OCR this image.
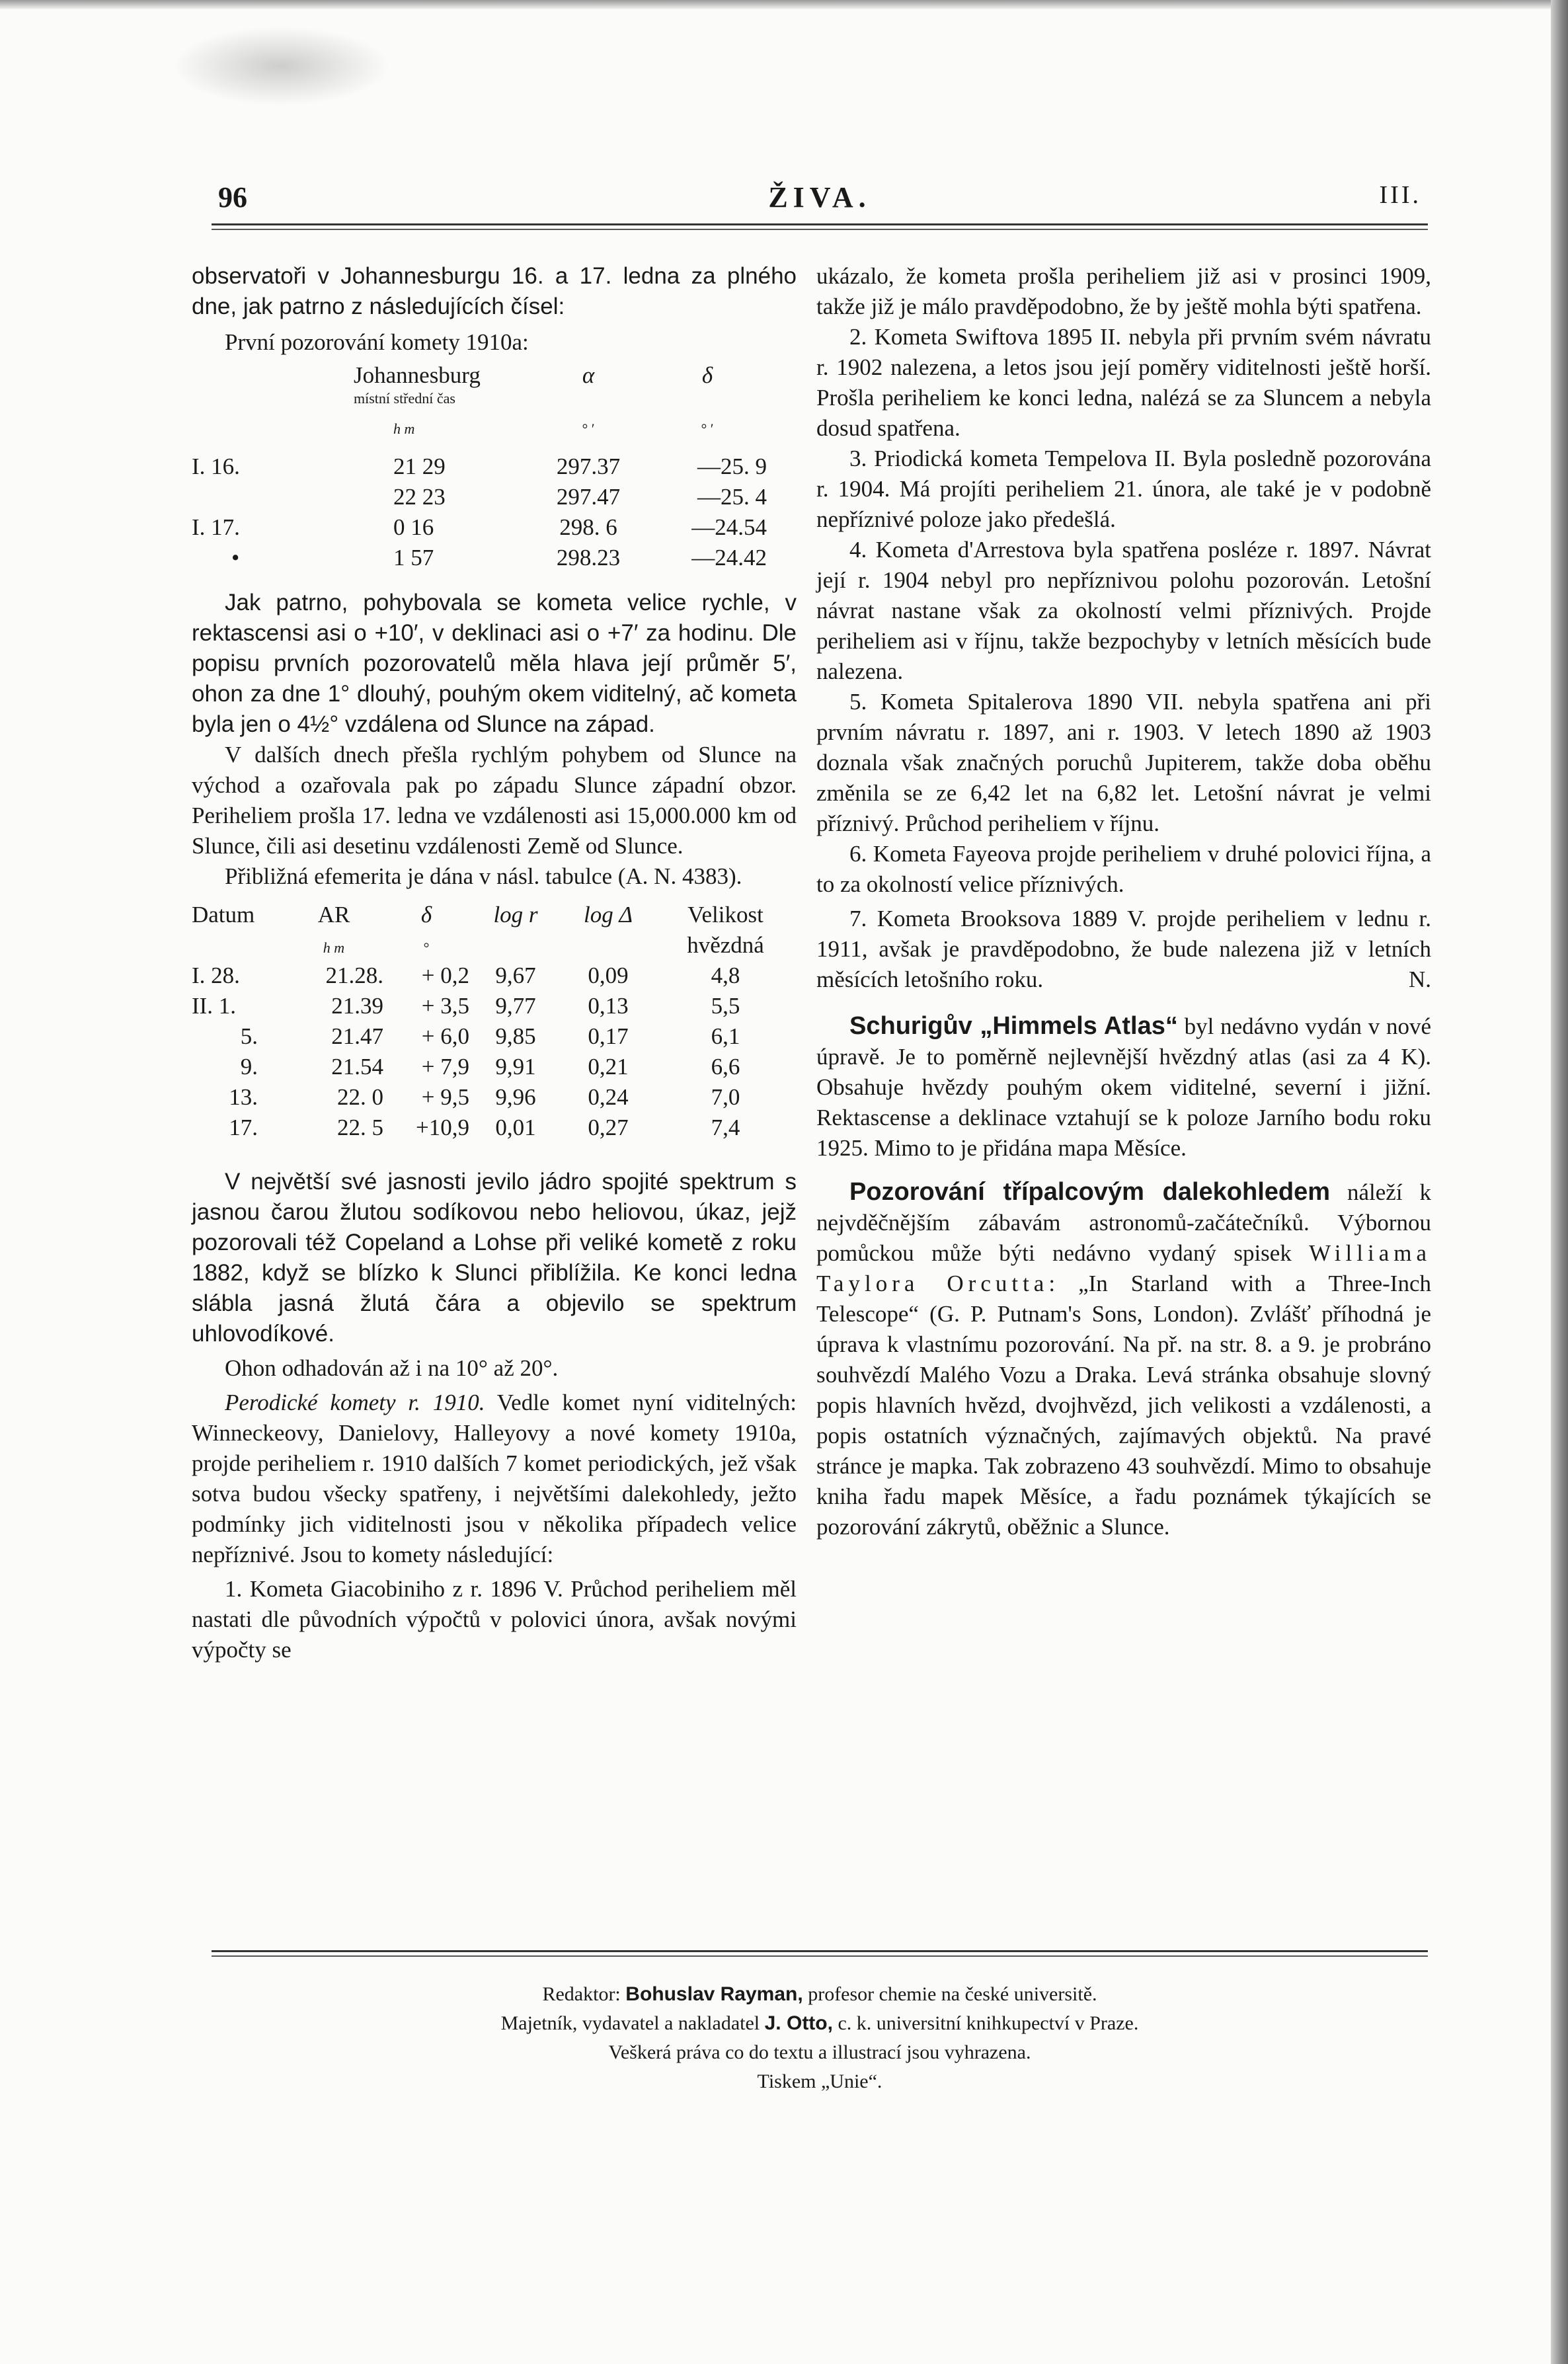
96	ŽIVA.	III.

observatoři v Johannesburgu 16. a 17. ledna za plného dne, jak patrno z následujících čísel:

První pozorování komety 1910a:

	Johannesburg	α	δ
	místní střední čas		
	h m	° ′	° ′
I. 16.	21 29	297.37	—25. 9
	22 23	297.47	—25. 4
I. 17.	0 16	298. 6	—24.54
•	1 57	298.23	—24.42

Jak patrno, pohybovala se kometa velice rychle, v rektascensi asi o +10′, v deklinaci asi o +7′ za hodinu. Dle popisu prvních pozorovatelů měla hlava její průměr 5′, ohon za dne 1° dlouhý, pouhým okem viditelný, ač kometa byla jen o 4½° vzdálena od Slunce na západ.

V dalších dnech přešla rychlým pohybem od Slunce na východ a ozařovala pak po západu Slunce západní obzor. Periheliem prošla 17. ledna ve vzdálenosti asi 15,000.000 km od Slunce, čili asi desetinu vzdálenosti Země od Slunce.

Přibližná efemerita je dána v násl. tabulce (A. N. 4383).

Datum	AR	δ	log r	log Δ	Velikost
	h m	°			hvězdná
I. 28.	21.28.	+ 0,2	9,67	0,09	4,8
II. 1.	21.39	+ 3,5	9,77	0,13	5,5
5.	21.47	+ 6,0	9,85	0,17	6,1
9.	21.54	+ 7,9	9,91	0,21	6,6
13.	22. 0	+ 9,5	9,96	0,24	7,0
17.	22. 5	+10,9	0,01	0,27	7,4

V největší své jasnosti jevilo jádro spojité spektrum s jasnou čarou žlutou sodíkovou nebo heliovou, úkaz, jejž pozorovali též Copeland a Lohse při veliké kometě z roku 1882, když se blízko k Slunci přiblížila. Ke konci ledna slábla jasná žlutá čára a objevilo se spektrum uhlovodíkové.

Ohon odhadován až i na 10° až 20°.

Perodické komety r. 1910. Vedle komet nyní viditelných: Winneckeovy, Danielovy, Halleyovy a nové komety 1910a, projde periheliem r. 1910 dalších 7 komet periodických, jež však sotva budou všecky spatřeny, i největšími dalekohledy, ježto podmínky jich viditelnosti jsou v několika případech velice nepříznivé. Jsou to komety následující:

1. Kometa Giacobiniho z r. 1896 V. Průchod periheliem měl nastati dle původních výpočtů v polovici února, avšak novými výpočty se

ukázalo, že kometa prošla periheliem již asi v prosinci 1909, takže již je málo pravděpodobno, že by ještě mohla býti spatřena.

2. Kometa Swiftova 1895 II. nebyla při prvním svém návratu r. 1902 nalezena, a letos jsou její poměry viditelnosti ještě horší. Prošla periheliem ke konci ledna, nalézá se za Sluncem a nebyla dosud spatřena.

3. Priodická kometa Tempelova II. Byla posledně pozorována r. 1904. Má projíti periheliem 21. února, ale také je v podobně nepříznivé poloze jako předešlá.

4. Kometa d'Arrestova byla spatřena posléze r. 1897. Návrat její r. 1904 nebyl pro nepříznivou polohu pozorován. Letošní návrat nastane však za okolností velmi příznivých. Projde periheliem asi v říjnu, takže bezpochyby v letních měsících bude nalezena.

5. Kometa Spitalerova 1890 VII. nebyla spatřena ani při prvním návratu r. 1897, ani r. 1903. V letech 1890 až 1903 doznala však značných poruchů Jupiterem, takže doba oběhu změnila se ze 6,42 let na 6,82 let. Letošní návrat je velmi příznivý. Průchod periheliem v říjnu.

6. Kometa Fayeova projde periheliem v druhé polovici října, a to za okolností velice příznivých.

7. Kometa Brooksova 1889 V. projde periheliem v lednu r. 1911, avšak je pravděpodobno, že bude nalezena již v letních měsících letošního roku.	N.

Schurigův „Himmels Atlas“ byl nedávno vydán v nové úpravě. Je to poměrně nejlevnější hvězdný atlas (asi za 4 K). Obsahuje hvězdy pouhým okem viditelné, severní i jižní. Rektascense a deklinace vztahují se k poloze Jarního bodu roku 1925. Mimo to je přidána mapa Měsíce.

Pozorování třípalcovým dalekohledem náleží k nejvděčnějším zábavám astronomů-začátečníků. Výbornou pomůckou může býti nedávno vydaný spisek Williama Taylora Orcutta: „In Starland with a Three-Inch Telescope“ (G. P. Putnam's Sons, London). Zvlášť příhodná je úprava k vlastnímu pozorování. Na př. na str. 8. a 9. je probráno souhvězdí Malého Vozu a Draka. Levá stránka obsahuje slovný popis hlavních hvězd, dvojhvězd, jich velikosti a vzdálenosti, a popis ostatních význačných, zajímavých objektů. Na pravé stránce je mapka. Tak zobrazeno 43 souhvězdí. Mimo to obsahuje kniha řadu mapek Měsíce, a řadu poznámek týkajících se pozorování zákrytů, oběžnic a Slunce.

Redaktor: Bohuslav Rayman, profesor chemie na české universitě.
Majetník, vydavatel a nakladatel J. Otto, c. k. universitní knihkupectví v Praze.
Veškerá práva co do textu a illustrací jsou vyhrazena.
Tiskem „Unie“.
